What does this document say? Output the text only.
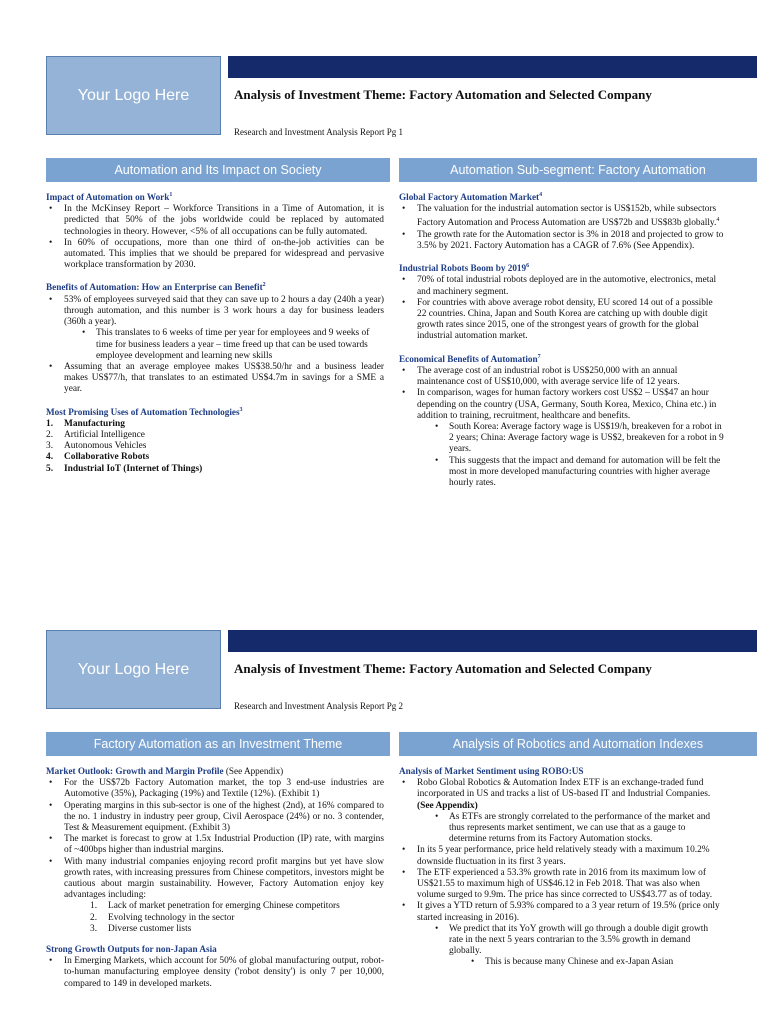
Your Logo Here	Analysis of Investment Theme: Factory Automation and Selected Company
Research and Investment Analysis Report Pg 1
Automation and Its Impact on Society	Automation Sub-segment: Factory Automation
Impact of Automation on Work$^1$
• In the McKinsey Report – Workforce Transitions in a Time of Automation, it is predicted that 50% of the jobs worldwide could be replaced by automated technologies in theory. However, <5% of all occupations can be fully automated.
• In 60% of occupations, more than one third of on-the-job activities can be automated. This implies that we should be prepared for widespread and pervasive workplace transformation by 2030.
Benefits of Automation: How an Enterprise can Benefit$^2$
• 53% of employees surveyed said that they can save up to 2 hours a day (240h a year) through automation, and this number is 3 work hours a day for business leaders (360h a year).
• This translates to 6 weeks of time per year for employees and 9 weeks of time for business leaders a year – time freed up that can be used towards employee development and learning new skills
• Assuming that an average employee makes US$38.50/hr and a business leader makes US$77/h, that translates to an estimated US$4.7m in savings for a SME a year.
Most Promising Uses of Automation Technologies$^3$
1. Manufacturing
2. Artificial Intelligence
3. Autonomous Vehicles
4. Collaborative Robots
5. Industrial IoT (Internet of Things)
Global Factory Automation Market$^4$
• The valuation for the industrial automation sector is US$152b, while subsectors Factory Automation and Process Automation are US$72b and US$83b globally.$^4$
• The growth rate for the Automation sector is 3% in 2018 and projected to grow to 3.5% by 2021. Factory Automation has a CAGR of 7.6% (See Appendix).
Industrial Robots Boom by 2019$^6$
• 70% of total industrial robots deployed are in the automotive, electronics, metal and machinery segment.
• For countries with above average robot density, EU scored 14 out of a possible 22 countries. China, Japan and South Korea are catching up with double digit growth rates since 2015, one of the strongest years of growth for the global industrial automation market.
Economical Benefits of Automation$^7$
• The average cost of an industrial robot is US$250,000 with an annual maintenance cost of US$10,000, with average service life of 12 years.
• In comparison, wages for human factory workers cost US$2 – US$47 an hour depending on the country (USA, Germany, South Korea, Mexico, China etc.) in addition to training, recruitment, healthcare and benefits.
• South Korea: Average factory wage is US$19/h, breakeven for a robot in 2 years; China: Average factory wage is US$2, breakeven for a robot in 9 years.
• This suggests that the impact and demand for automation will be felt the most in more developed manufacturing countries with higher average hourly rates.
Your Logo Here	Analysis of Investment Theme: Factory Automation and Selected Company
Research and Investment Analysis Report Pg 2
Factory Automation as an Investment Theme	Analysis of Robotics and Automation Indexes
Market Outlook: Growth and Margin Profile (See Appendix)
• For the US$72b Factory Automation market, the top 3 end-use industries are Automotive (35%), Packaging (19%) and Textile (12%). (Exhibit 1)
• Operating margins in this sub-sector is one of the highest (2nd), at 16% compared to the no. 1 industry in industry peer group, Civil Aerospace (24%) or no. 3 contender, Test & Measurement equipment. (Exhibit 3)
• The market is forecast to grow at 1.5x Industrial Production (IP) rate, with margins of ~400bps higher than industrial margins.
• With many industrial companies enjoying record profit margins but yet have slow growth rates, with increasing pressures from Chinese competitors, investors might be cautious about margin sustainability. However, Factory Automation enjoy key advantages including:
1. Lack of market penetration for emerging Chinese competitors
2. Evolving technology in the sector
3. Diverse customer lists
Strong Growth Outputs for non-Japan Asia
• In Emerging Markets, which account for 50% of global manufacturing output, robot-to-human manufacturing employee density ('robot density') is only 7 per 10,000, compared to 149 in developed markets.
Analysis of Market Sentiment using ROBO:US
• Robo Global Robotics & Automation Index ETF is an exchange-traded fund incorporated in US and tracks a list of US-based IT and Industrial Companies. (See Appendix)
• As ETFs are strongly correlated to the performance of the market and thus represents market sentiment, we can use that as a gauge to determine returns from its Factory Automation stocks.
• In its 5 year performance, price held relatively steady with a maximum 10.2% downside fluctuation in its first 3 years.
• The ETF experienced a 53.3% growth rate in 2016 from its maximum low of US$21.55 to maximum high of US$46.12 in Feb 2018. That was also when volume surged to 9.9m. The price has since corrected to US$43.77 as of today.
• It gives a YTD return of 5.93% compared to a 3 year return of 19.5% (price only started increasing in 2016).
• We predict that its YoY growth will go through a double digit growth rate in the next 5 years contrarian to the 3.5% growth in demand globally.
• This is because many Chinese and ex-Japan Asian
